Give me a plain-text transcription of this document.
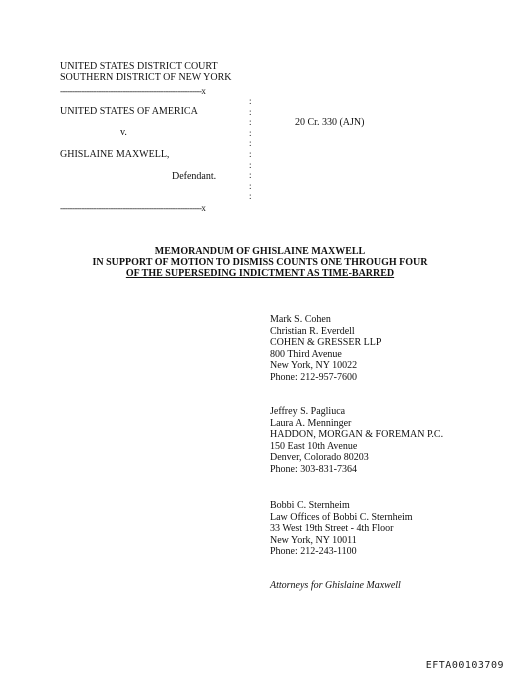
UNITED STATES DISTRICT COURT
SOUTHERN DISTRICT OF NEW YORK
-----------------------------------------------------------x
:
:
:
:
:
:
:
:
:
:
UNITED STATES OF AMERICA
v.
GHISLAINE MAXWELL,
Defendant.
-----------------------------------------------------------x
20 Cr. 330 (AJN)
MEMORANDUM OF GHISLAINE MAXWELL
IN SUPPORT OF MOTION TO DISMISS COUNTS ONE THROUGH FOUR
OF THE SUPERSEDING INDICTMENT AS TIME-BARRED
Mark S. Cohen
Christian R. Everdell
COHEN & GRESSER LLP
800 Third Avenue
New York, NY 10022
Phone: 212-957-7600
Jeffrey S. Pagliuca
Laura A. Menninger
HADDON, MORGAN & FOREMAN P.C.
150 East 10th Avenue
Denver, Colorado 80203
Phone: 303-831-7364
Bobbi C. Sternheim
Law Offices of Bobbi C. Sternheim
33 West 19th Street - 4th Floor
New York, NY 10011
Phone: 212-243-1100
Attorneys for Ghislaine Maxwell
EFTA00103709
